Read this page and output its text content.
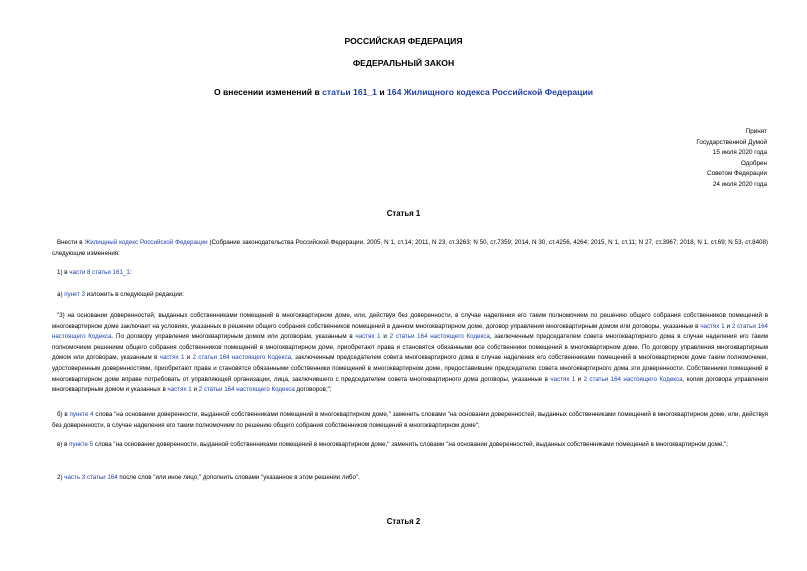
РОССИЙСКАЯ ФЕДЕРАЦИЯ
ФЕДЕРАЛЬНЫЙ ЗАКОН
О внесении изменений в статьи 161_1 и 164 Жилищного кодекса Российской Федерации
Принят
Государственной Думой
15 июля 2020 года
Одобрен
Советом Федерации
24 июля 2020 года
Статья 1
Внести в Жилищный кодекс Российской Федерации (Собрание законодательства Российской Федерации, 2005, N 1, ст.14; 2011, N 23, ст.3263; N 50, ст.7359; 2014, N 30, ст.4256, 4264; 2015, N 1, ст.11; N 27, ст.3967; 2018, N 1, ст.69; N 53, ст.8408) следующие изменения:
1) в части 8 статьи 161_1:
а) пункт 3 изложить в следующей редакции:
"3) на основании доверенностей, выданных собственниками помещений в многоквартирном доме, или, действуя без доверенности, в случае наделения его таким полномочием по решению общего собрания собственников помещений в многоквартирном доме заключает на условиях, указанных в решении общего собрания собственников помещений в данном многоквартирном доме, договор управления многоквартирным домом или договоры, указанные в частях 1 и 2 статьи 164 настоящего Кодекса. По договору управления многоквартирным домом или договорам, указанным в частях 1 и 2 статьи 164 настоящего Кодекса, заключенным председателем совета многоквартирного дома в случае наделения его таким полномочием решением общего собрания собственников помещений в многоквартирном доме, приобретают права и становятся обязанными все собственники помещений в многоквартирном доме. По договору управления многоквартирным домом или договорам, указанным в частях 1 и 2 статьи 164 настоящего Кодекса, заключенным председателем совета многоквартирного дома в случае наделения его собственниками помещений в многоквартирном доме таким полномочием, удостоверенным доверенностями, приобретают права и становятся обязанными собственники помещений в многоквартирном доме, предоставившие председателю совета многоквартирного дома эти доверенности. Собственники помещений в многоквартирном доме вправе потребовать от управляющей организации, лица, заключившего с председателем совета многоквартирного дома договоры, указанные в частях 1 и 2 статьи 164 настоящего Кодекса, копии договора управления многоквартирным домом и указанных в частях 1 и 2 статьи 164 настоящего Кодекса договоров;";
б) в пункте 4 слова "на основании доверенности, выданной собственниками помещений в многоквартирном доме," заменить словами "на основании доверенностей, выданных собственниками помещений в многоквартирном доме, или, действуя без доверенности, в случае наделения его таким полномочием по решению общего собрания собственников помещений в многоквартирном доме";
в) в пункте 5 слова "на основании доверенности, выданной собственниками помещений в многоквартирном доме," заменить словами "на основании доверенностей, выданных собственниками помещений в многоквартирном доме,";
2) часть 3 статьи 164 после слов "или иное лицо," дополнить словами "указанное в этом решении либо".
Статья 2
